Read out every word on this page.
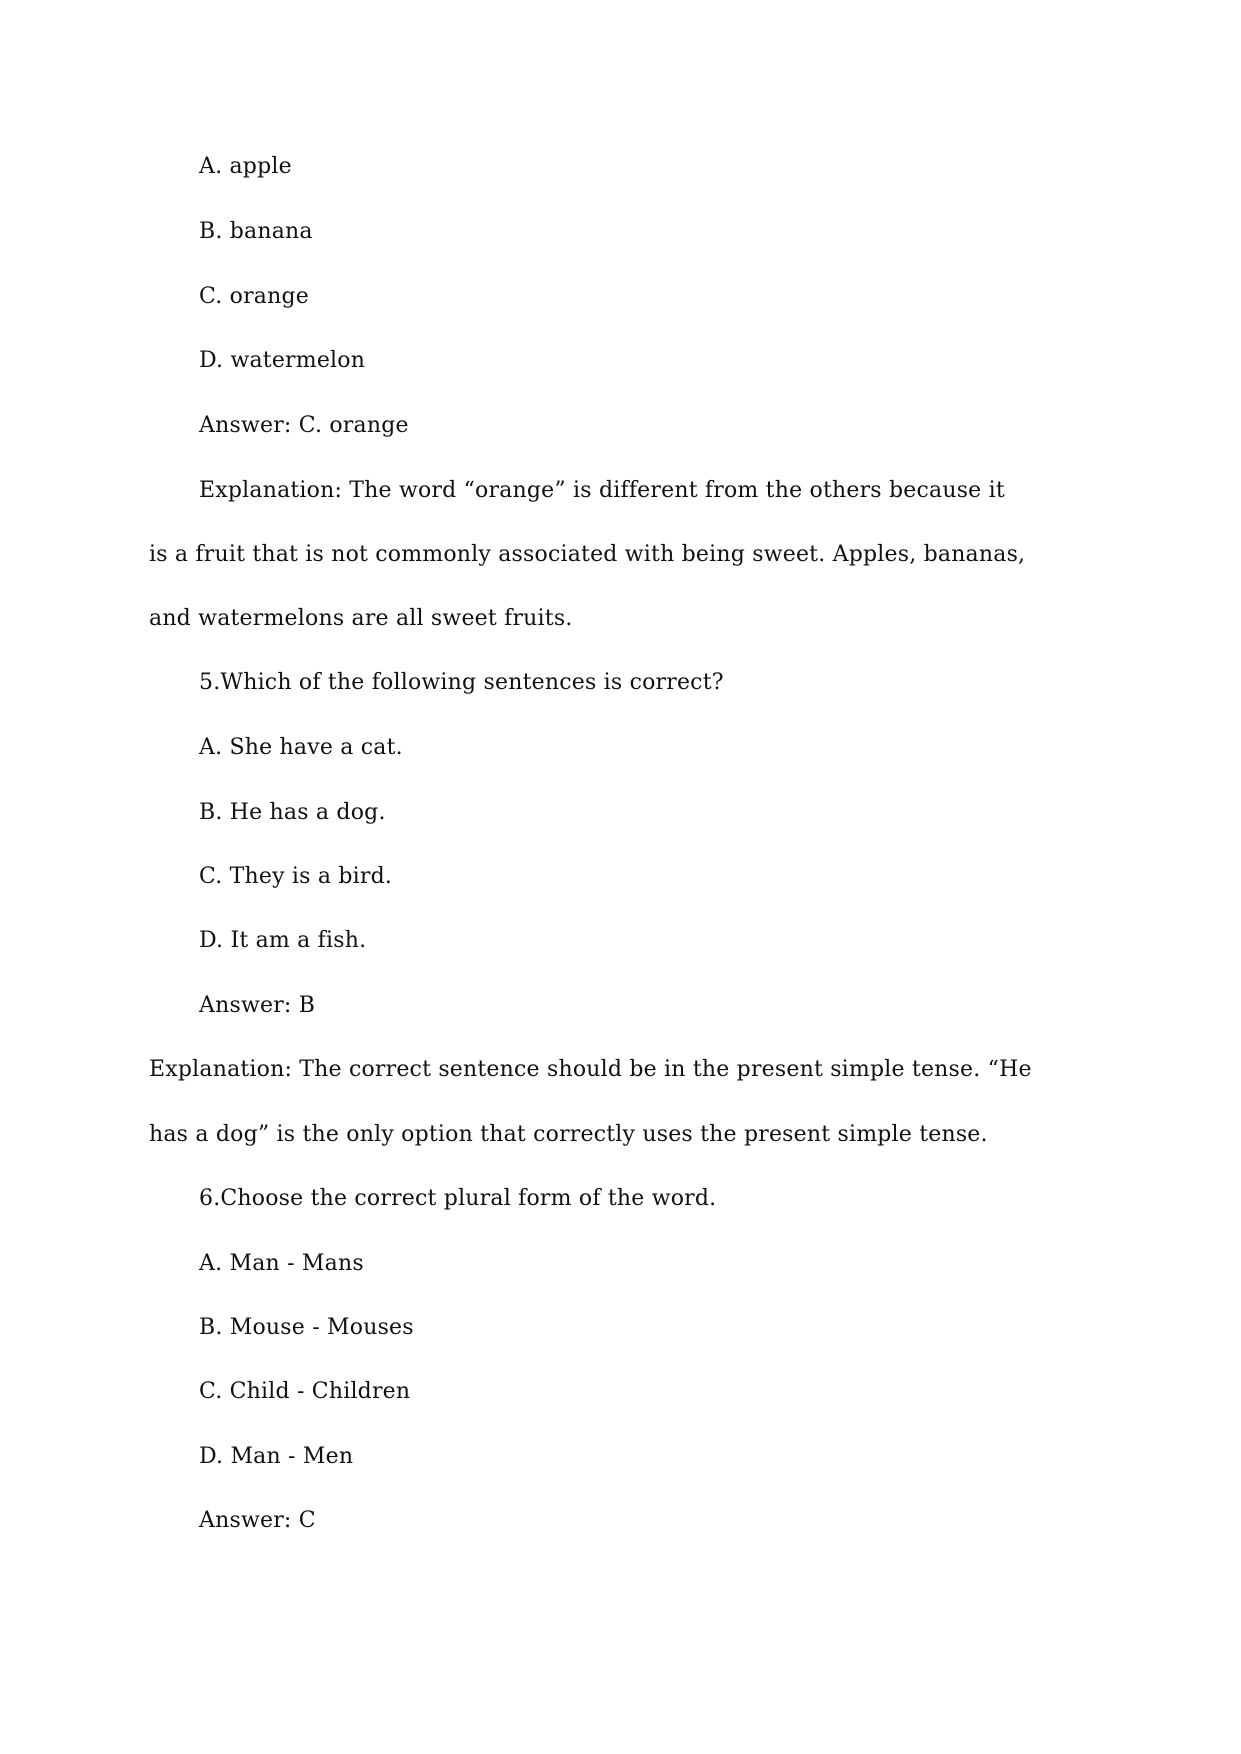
A. apple
B. banana
C. orange
D. watermelon
Answer: C. orange
Explanation: The word “orange” is different from the others because it
is a fruit that is not commonly associated with being sweet. Apples, bananas,
and watermelons are all sweet fruits.
5.Which of the following sentences is correct?
A. She have a cat.
B. He has a dog.
C. They is a bird.
D. It am a fish.
Answer: B
Explanation: The correct sentence should be in the present simple tense. “He
has a dog” is the only option that correctly uses the present simple tense.
6.Choose the correct plural form of the word.
A. Man - Mans
B. Mouse - Mouses
C. Child - Children
D. Man - Men
Answer: C
